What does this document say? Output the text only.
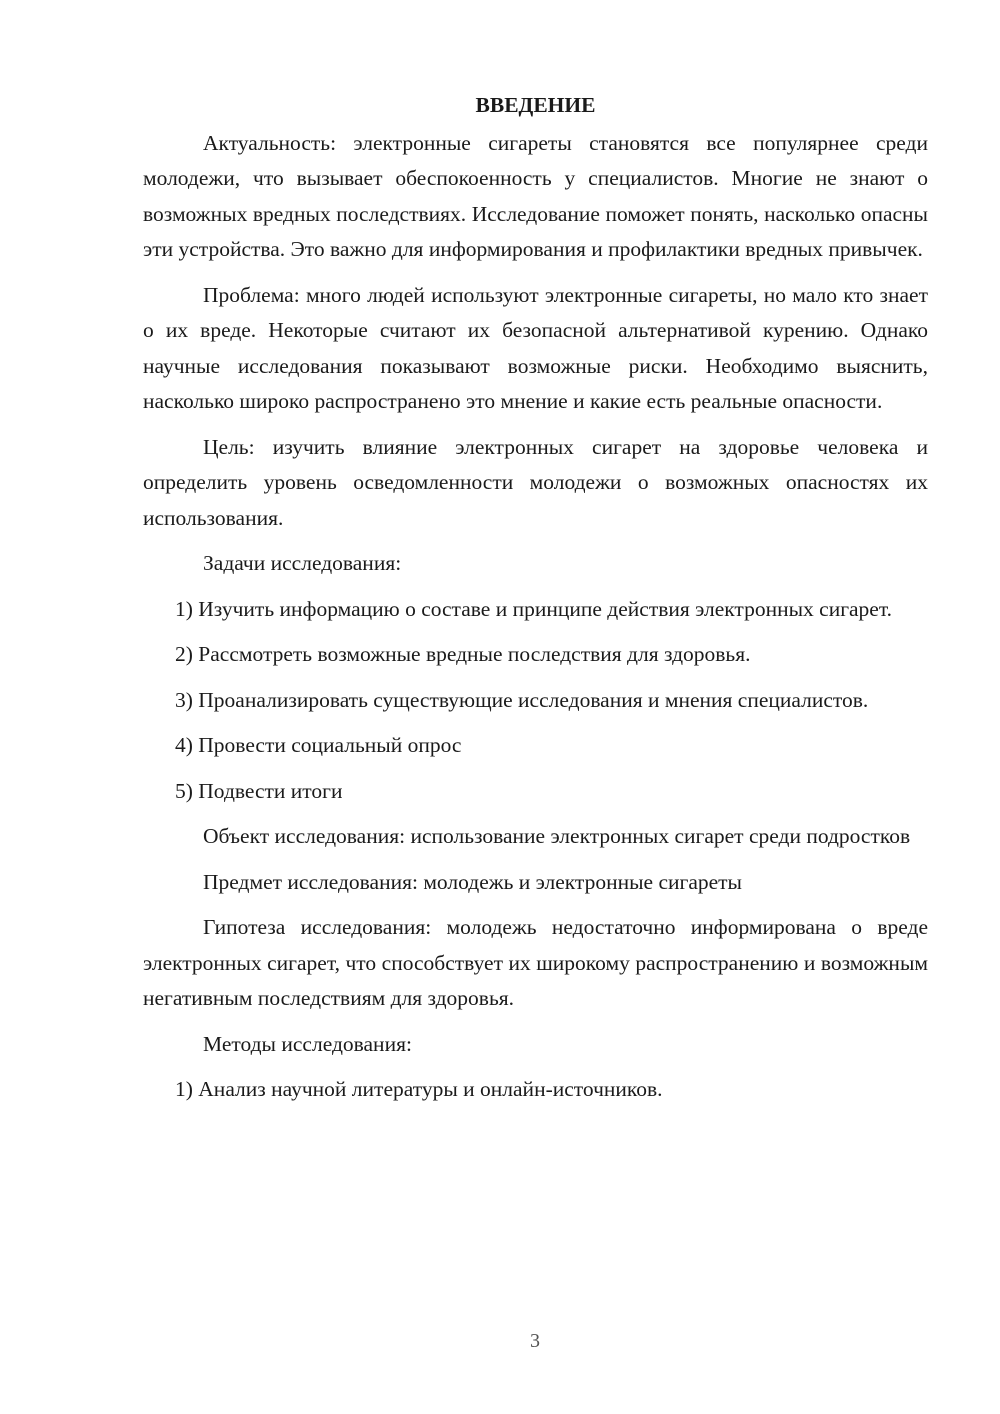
ВВЕДЕНИЕ

Актуальность: электронные сигареты становятся все популярнее среди молодежи, что вызывает обеспокоенность у специалистов. Многие не знают о возможных вредных последствиях. Исследование поможет понять, насколько опасны эти устройства. Это важно для информирования и профилактики вредных привычек.

Проблема: много людей используют электронные сигареты, но мало кто знает о их вреде. Некоторые считают их безопасной альтернативой курению. Однако научные исследования показывают возможные риски. Необходимо выяснить, насколько широко распространено это мнение и какие есть реальные опасности.

Цель: изучить влияние электронных сигарет на здоровье человека и определить уровень осведомленности молодежи о возможных опасностях их использования.

Задачи исследования:

1) Изучить информацию о составе и принципе действия электронных сигарет.

2) Рассмотреть возможные вредные последствия для здоровья.

3) Проанализировать существующие исследования и мнения специалистов.

4) Провести социальный опрос

5) Подвести итоги

Объект исследования: использование электронных сигарет среди подростков

Предмет исследования: молодежь и электронные сигареты

Гипотеза исследования: молодежь недостаточно информирована о вреде электронных сигарет, что способствует их широкому распространению и возможным негативным последствиям для здоровья.

Методы исследования:

1) Анализ научной литературы и онлайн-источников.

3
